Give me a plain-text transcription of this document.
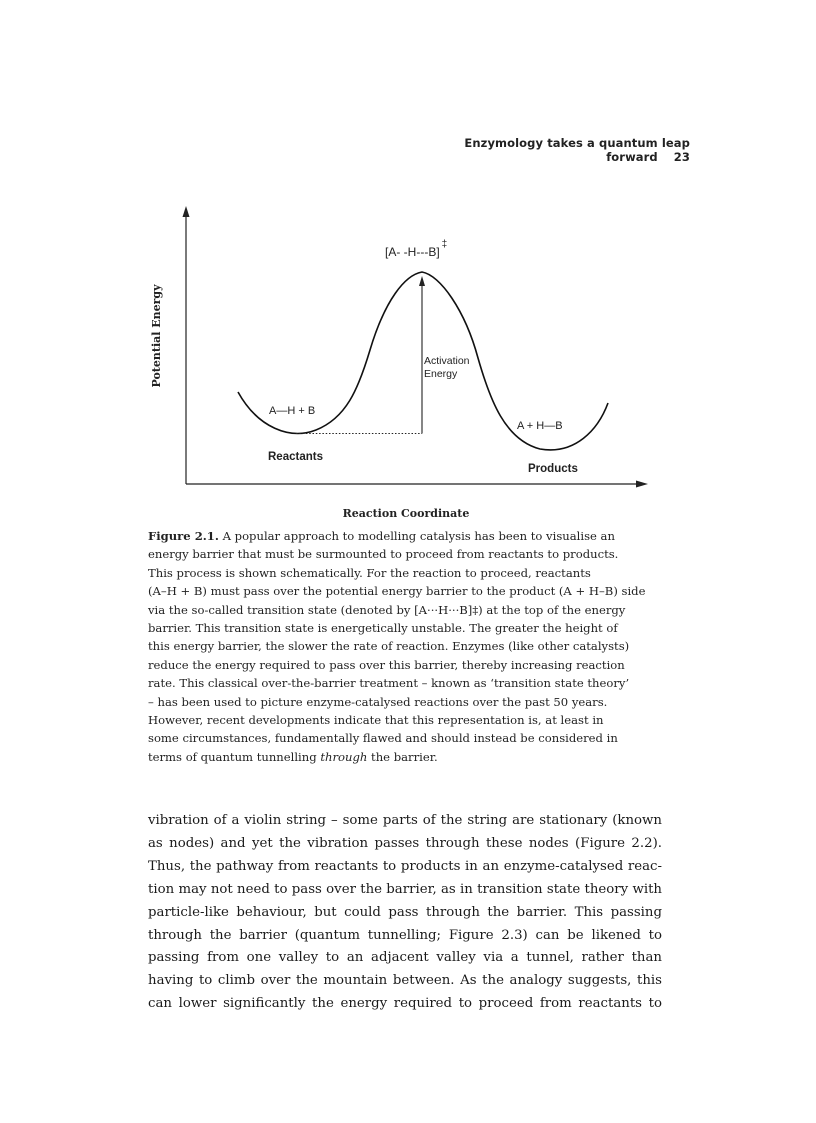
Enzymology takes a quantum leap forward 23
Potential Energy
Reaction Coordinate
[A- -H---B]‡
Activation
Energy
A—H + B
A + H—B
Reactants
Products
Figure 2.1. A popular approach to modelling catalysis has been to visualise an
energy barrier that must be surmounted to proceed from reactants to products.
This process is shown schematically. For the reaction to proceed, reactants
(A–H + B) must pass over the potential energy barrier to the product (A + H–B) side
via the so-called transition state (denoted by [A···H···B]‡) at the top of the energy
barrier. This transition state is energetically unstable. The greater the height of
this energy barrier, the slower the rate of reaction. Enzymes (like other catalysts)
reduce the energy required to pass over this barrier, thereby increasing reaction
rate. This classical over-the-barrier treatment – known as ‘transition state theory’
– has been used to picture enzyme-catalysed reactions over the past 50 years.
However, recent developments indicate that this representation is, at least in
some circumstances, fundamentally flawed and should instead be considered in
terms of quantum tunnelling through the barrier.
vibration of a violin string – some parts of the string are stationary (known
as nodes) and yet the vibration passes through these nodes (Figure 2.2).
Thus, the pathway from reactants to products in an enzyme-catalysed reac-
tion may not need to pass over the barrier, as in transition state theory with
particle-like behaviour, but could pass through the barrier. This passing
through the barrier (quantum tunnelling; Figure 2.3) can be likened to
passing from one valley to an adjacent valley via a tunnel, rather than
having to climb over the mountain between. As the analogy suggests, this
can lower significantly the energy required to proceed from reactants to
